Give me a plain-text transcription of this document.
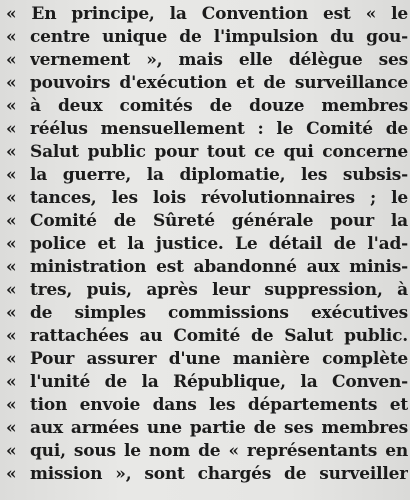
« En principe, la Convention est « le
« centre unique de l'impulsion du gou-
« vernement », mais elle délègue ses
« pouvoirs d'exécution et de surveillance
« à deux comités de douze membres
« réélus mensuellement : le Comité de
« Salut public pour tout ce qui concerne
« la guerre, la diplomatie, les subsis-
« tances, les lois révolutionnaires ; le
« Comité de Sûreté générale pour la
« police et la justice. Le détail de l'ad-
« ministration est abandonné aux minis-
« tres, puis, après leur suppression, à
« de simples commissions exécutives
« rattachées au Comité de Salut public.
« Pour assurer d'une manière complète
« l'unité de la République, la Conven-
« tion envoie dans les départements et
« aux armées une partie de ses membres
« qui, sous le nom de « représentants en
« mission », sont chargés de surveiller
